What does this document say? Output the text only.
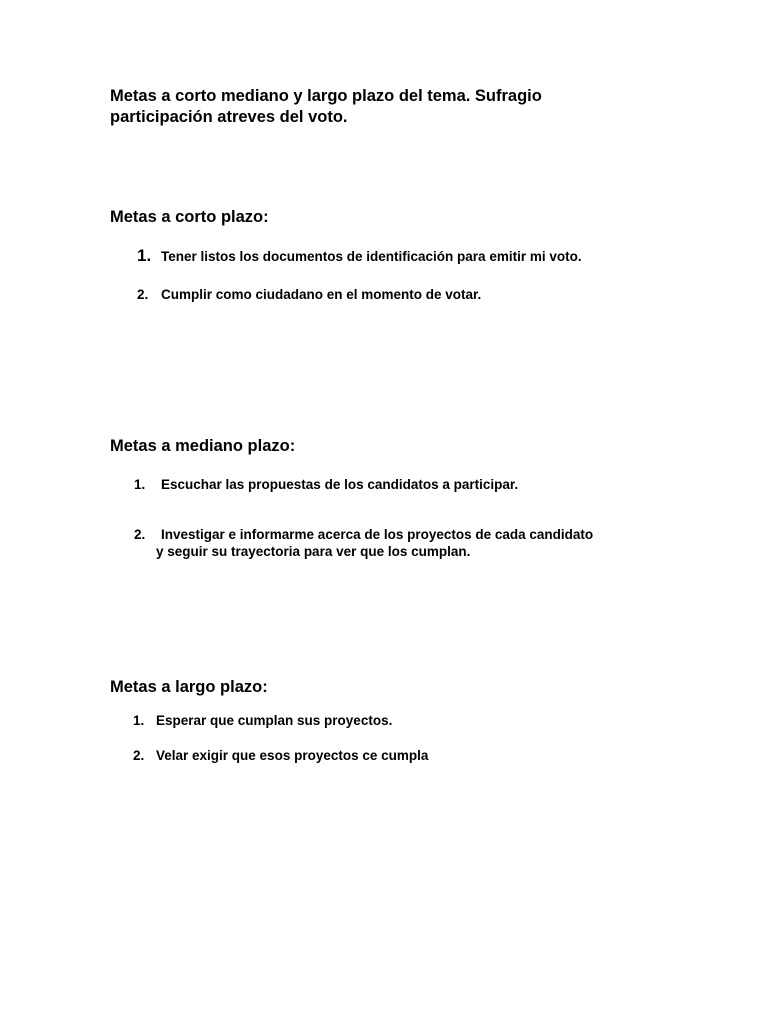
Metas a corto mediano y largo plazo del tema. Sufragio
participación atreves del voto.
Metas a corto plazo:
1. Tener listos los documentos de identificación para emitir mi voto.
2. Cumplir como ciudadano en el momento de votar.
Metas a mediano plazo:
1. Escuchar las propuestas de los candidatos a participar.
2. Investigar e informarme acerca de los proyectos de cada candidato
y seguir su trayectoria para ver que los cumplan.
Metas a largo plazo:
1. Esperar que cumplan sus proyectos.
2. Velar exigir que esos proyectos ce cumpla
